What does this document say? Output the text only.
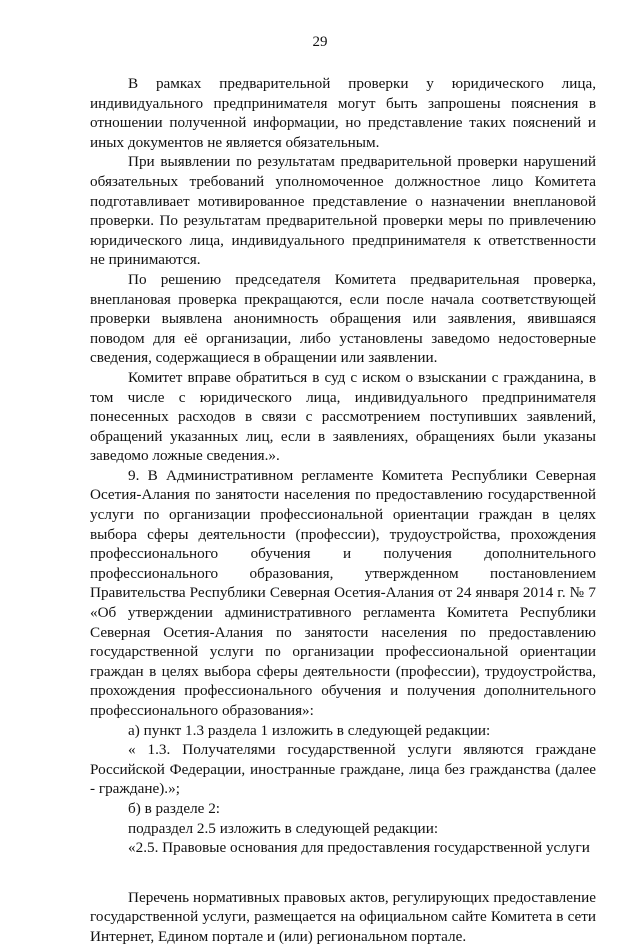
29

В рамках предварительной проверки у юридического лица, индивидуального предпринимателя могут быть запрошены пояснения в отношении полученной информации, но представление таких пояснений и иных документов не является обязательным.

При выявлении по результатам предварительной проверки нарушений обязательных требований уполномоченное должностное лицо Комитета подготавливает мотивированное представление о назначении внеплановой проверки. По результатам предварительной проверки меры по привлечению юридического лица, индивидуального предпринимателя к ответственности не принимаются.

По решению председателя Комитета предварительная проверка, внеплановая проверка прекращаются, если после начала соответствующей проверки выявлена анонимность обращения или заявления, явившаяся поводом для её организации, либо установлены заведомо недостоверные сведения, содержащиеся в обращении или заявлении.

Комитет вправе обратиться в суд с иском о взыскании с гражданина, в том числе с юридического лица, индивидуального предпринимателя понесенных расходов в связи с рассмотрением поступивших заявлений, обращений указанных лиц, если в заявлениях, обращениях были указаны заведомо ложные сведения.».

9. В Административном регламенте Комитета Республики Северная Осетия-Алания по занятости населения по предоставлению государственной услуги по организации профессиональной ориентации граждан в целях выбора сферы деятельности (профессии), трудоустройства, прохождения профессионального обучения и получения дополнительного профессионального образования, утвержденном постановлением Правительства Республики Северная Осетия-Алания от 24 января 2014 г. № 7 «Об утверждении административного регламента Комитета Республики Северная Осетия-Алания по занятости населения по предоставлению государственной услуги по организации профессиональной ориентации граждан в целях выбора сферы деятельности (профессии), трудоустройства, прохождения профессионального обучения и получения дополнительного профессионального образования»:

а) пункт 1.3 раздела 1 изложить в следующей редакции:

« 1.3. Получателями государственной услуги являются граждане Российской Федерации, иностранные граждане, лица без гражданства (далее - граждане).»;

б) в разделе 2:

подраздел 2.5 изложить в следующей редакции:

«2.5. Правовые основания для предоставления государственной услуги

Перечень нормативных правовых актов, регулирующих предоставление государственной услуги, размещается на официальном сайте Комитета в сети Интернет, Едином портале и (или) региональном портале.
